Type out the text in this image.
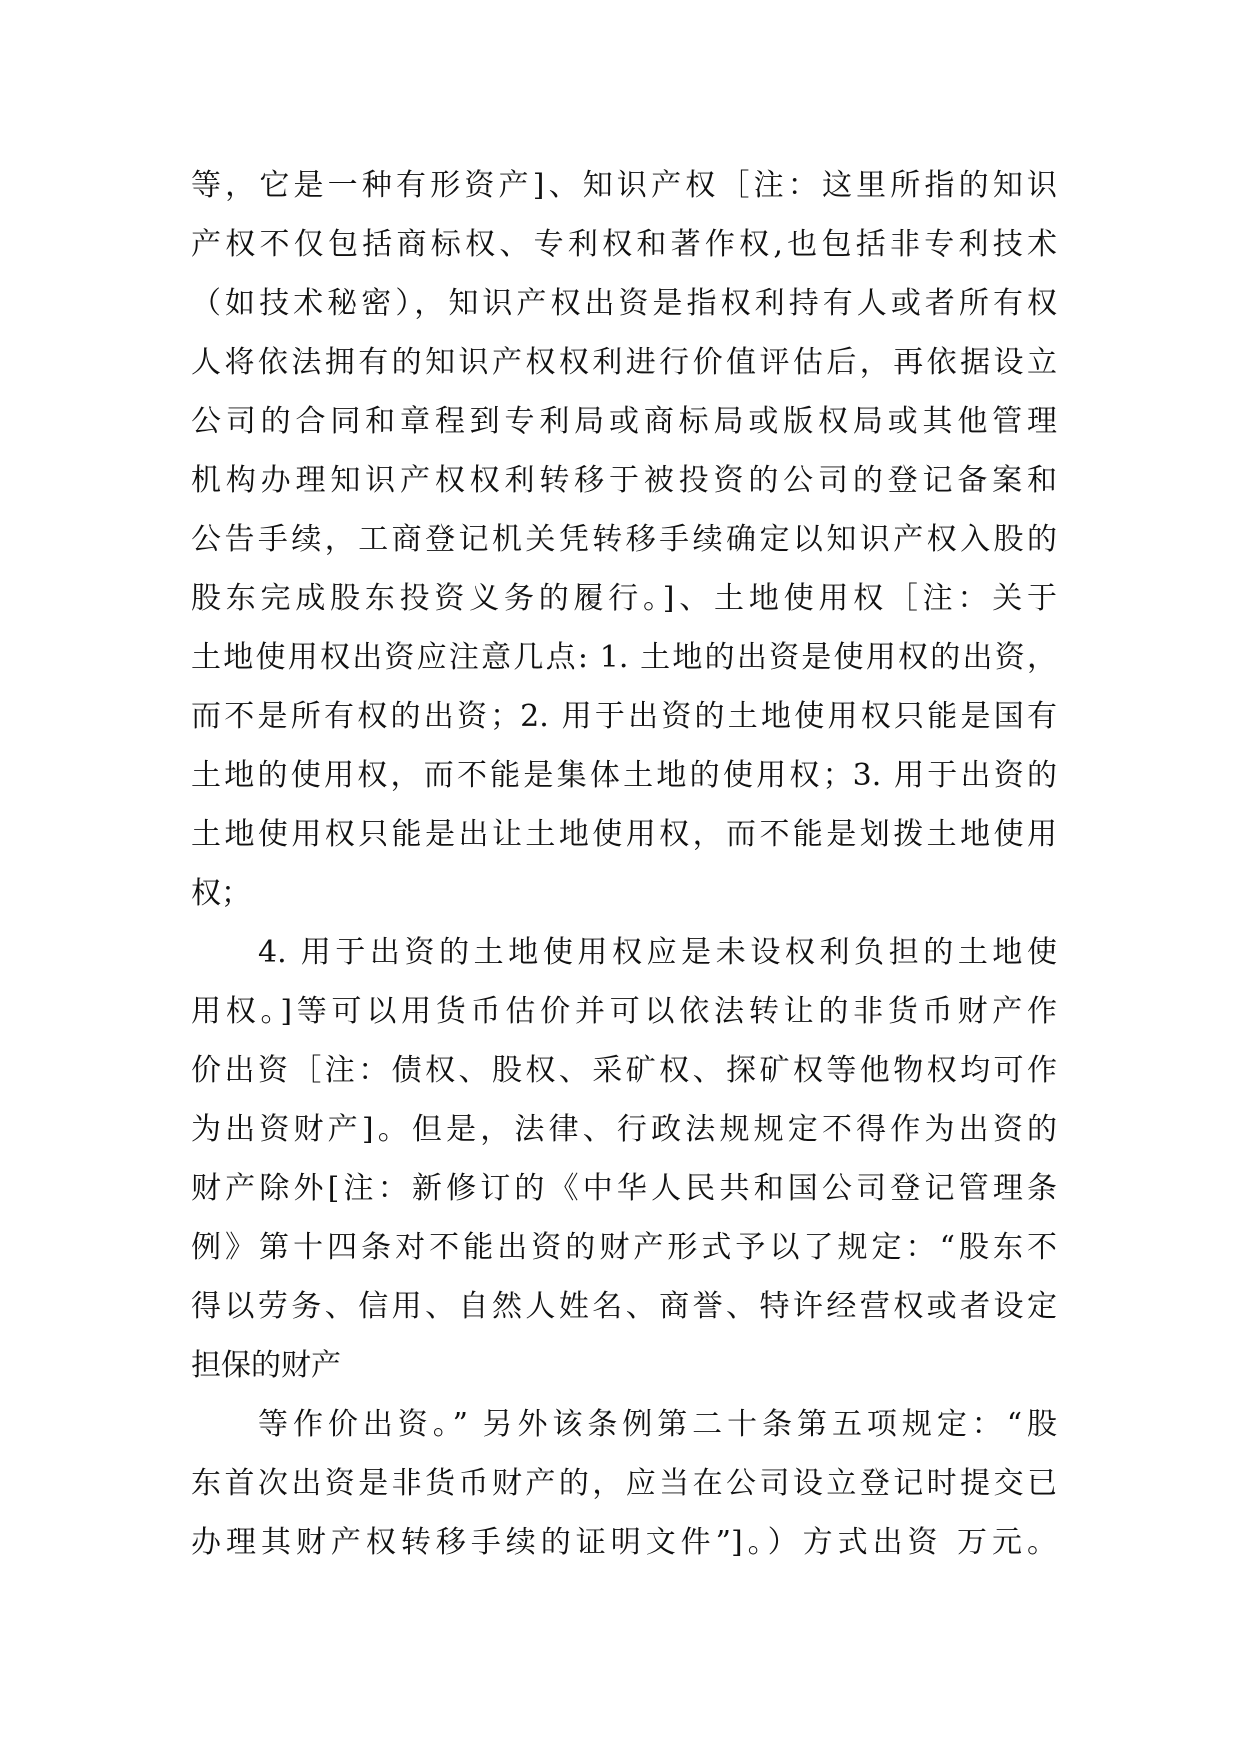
等，它是一种有形资产]、知识产权［注：这里所指的知识
产权不仅包括商标权、专利权和著作权,也包括非专利技术
（如技术秘密），知识产权出资是指权利持有人或者所有权
人将依法拥有的知识产权权利进行价值评估后，再依据设立
公司的合同和章程到专利局或商标局或版权局或其他管理
机构办理知识产权权利转移于被投资的公司的登记备案和
公告手续，工商登记机关凭转移手续确定以知识产权入股的
股东完成股东投资义务的履行。]、土地使用权［注：关于
土地使用权出资应注意几点: 1. 土地的出资是使用权的出资，
而不是所有权的出资；2. 用于出资的土地使用权只能是国有
土地的使用权，而不能是集体土地的使用权；3. 用于出资的
土地使用权只能是出让土地使用权，而不能是划拨土地使用
权；
4. 用于出资的土地使用权应是未设权利负担的土地使
用权。]等可以用货币估价并可以依法转让的非货币财产作
价出资［注：债权、股权、采矿权、探矿权等他物权均可作
为出资财产]。但是，法律、行政法规规定不得作为出资的
财产除外[注：新修订的《中华人民共和国公司登记管理条
例》第十四条对不能出资的财产形式予以了规定：“股东不
得以劳务、信用、自然人姓名、商誉、特许经营权或者设定
担保的财产
等作价出资。” 另外该条例第二十条第五项规定：“股
东首次出资是非货币财产的，应当在公司设立登记时提交已
办理其财产权转移手续的证明文件”]。）方式出资 万元。
